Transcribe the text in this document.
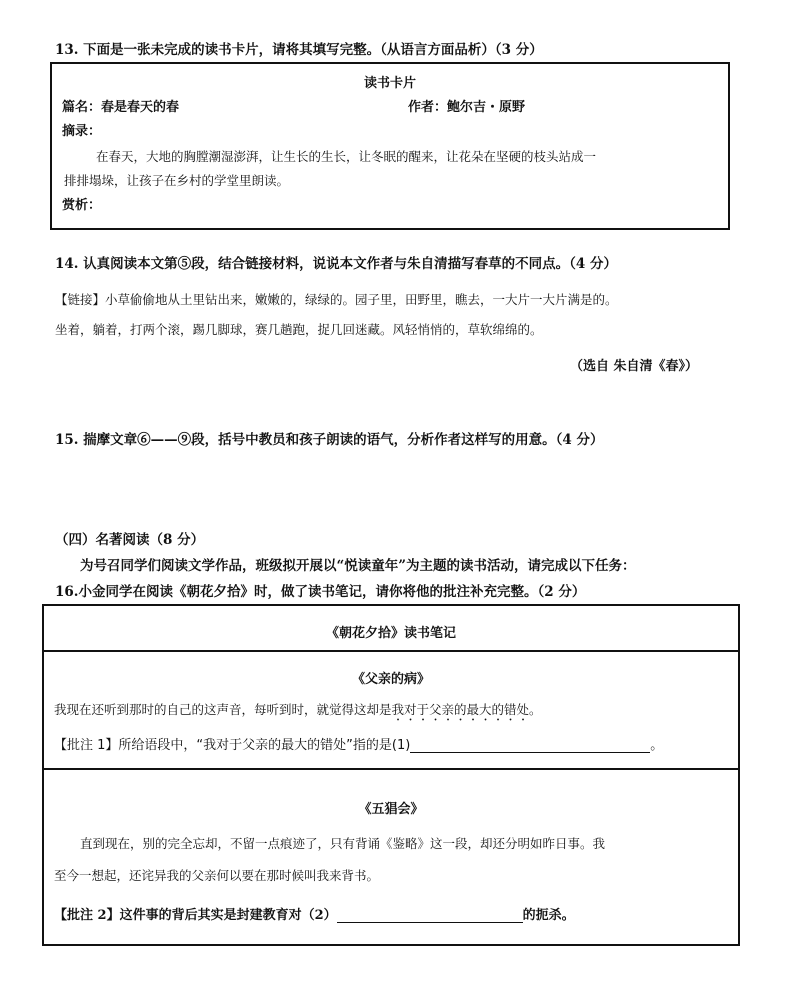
13. 下面是一张未完成的读书卡片，请将其填写完整。（从语言方面品析）（3 分）
读书卡片
篇名：春是春天的春	作者：鲍尔吉・原野
摘录：
在春天，大地的胸膛潮湿澎湃，让生长的生长，让冬眠的醒来，让花朵在坚硬的枝头站成一
排排塌垛，让孩子在乡村的学堂里朗读。
赏析：
14. 认真阅读本文第⑤段，结合链接材料，说说本文作者与朱自清描写春草的不同点。（4 分）
【链接】小草偷偷地从土里钻出来，嫩嫩的，绿绿的。园子里，田野里，瞧去，一大片一大片满是的。
坐着，躺着，打两个滚，踢几脚球，赛几趟跑，捉几回迷藏。风轻悄悄的，草软绵绵的。
（选自 朱自清《春》）
15. 揣摩文章⑥——⑨段，括号中教员和孩子朗读的语气，分析作者这样写的用意。（4 分）
（四）名著阅读（8 分）
为号召同学们阅读文学作品，班级拟开展以“悦读童年”为主题的读书活动，请完成以下任务：
16.小金同学在阅读《朝花夕拾》时，做了读书笔记，请你将他的批注补充完整。（2 分）
《朝花夕拾》读书笔记
《父亲的病》
我现在还听到那时的自己的这声音，每听到时，就觉得这却是我对于父亲的最大的错处。
【批注 1】所给语段中，“我对于父亲的最大的错处”指的是(1)	。
《五猖会》
直到现在，别的完全忘却，不留一点痕迹了，只有背诵《鉴略》这一段，却还分明如昨日事。我
至今一想起，还诧异我的父亲何以要在那时候叫我来背书。
【批注 2】这件事的背后其实是封建教育对（2）	的扼杀。
